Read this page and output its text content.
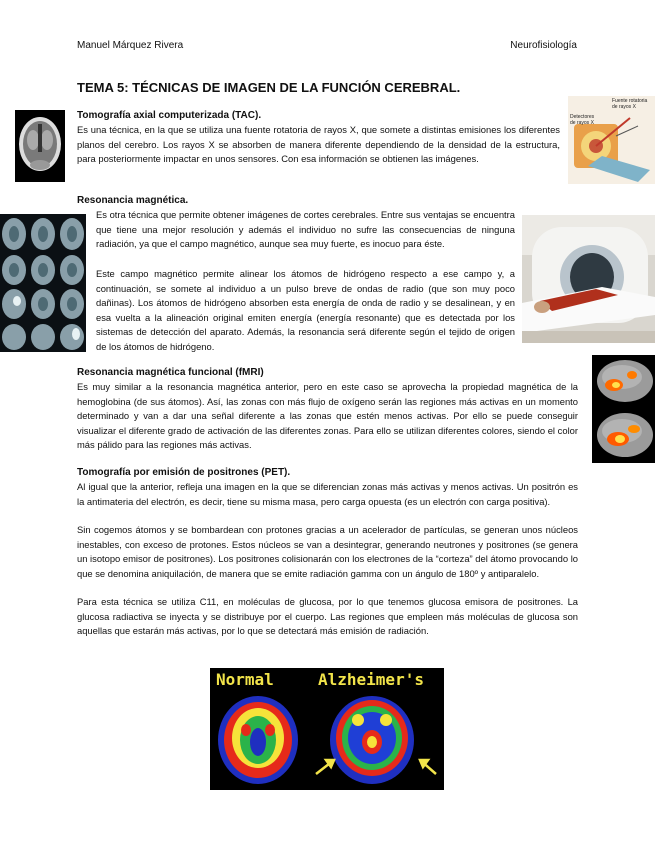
Manuel Márquez Rivera	Neurofisiología
TEMA 5: TÉCNICAS DE IMAGEN DE LA FUNCIÓN CEREBRAL.
Fuente rotatoria de rayos X
Detectores de rayos X
Tomografía axial computerizada (TAC).

Es una técnica, en la que se utiliza una fuente rotatoria de rayos X, que somete a distintas emisiones los diferentes planos del cerebro. Los rayos X se absorben de manera diferente dependiendo de la densidad de la estructura, para posteriormente impactar en unos sensores. Con esa información se obtienen las imágenes.

Resonancia magnética.

Es otra técnica que permite obtener imágenes de cortes cerebrales. Entre sus ventajas se encuentra que tiene una mejor resolución y además el individuo no sufre las consecuencias de ninguna radiación, ya que el campo magnético, aunque sea muy fuerte, es inocuo para éste.

Este campo magnético permite alinear los átomos de hidrógeno respecto a ese campo y, a continuación, se somete al individuo a un pulso breve de ondas de radio (que son muy poco dañinas). Los átomos de hidrógeno absorben esta energía de onda de radio y se desalinean, y en esa vuelta a la alineación original emiten energía (energía resonante) que es detectada por los sistemas de detección del aparato. Además, la resonancia será diferente según el tejido de origen de los átomos de hidrógeno.

Resonancia magnética funcional (fMRI)

Es muy similar a la resonancia magnética anterior, pero en este caso se aprovecha la propiedad magnética de la hemoglobina (de sus átomos). Así, las zonas con más flujo de oxígeno serán las regiones más activas en un momento determinado y van a dar una señal diferente a las zonas que estén menos activas. Por ello se puede conseguir visualizar el diferente grado de activación de las diferentes zonas. Para ello se utilizan diferentes colores, siendo el color más pálido para las regiones más activas.

Tomografía por emisión de positrones (PET).

Al igual que la anterior, refleja una imagen en la que se diferencian zonas más activas y menos activas. Un positrón es la antimateria del electrón, es decir, tiene su misma masa, pero carga opuesta (es un electrón con carga positiva).

Sin cogemos átomos y se bombardean con protones gracias a un acelerador de partículas, se generan unos núcleos inestables, con exceso de protones. Estos núcleos se van a desintegrar, generando neutrones y positrones (se genera un isotopo emisor de positrones). Los positrones colisionarán con los electrones de la “corteza” del átomo provocando lo que se denomina aniquilación, de manera que se emite radiación gamma con un ángulo de 180º y antiparalelo.

Para esta técnica se utiliza C11, en moléculas de glucosa, por lo que tenemos glucosa emisora de positrones. La glucosa radiactiva se inyecta y se distribuye por el cuerpo. Las regiones que empleen más moléculas de glucosa son aquellas que estarán más activas, por lo que se detectará más emisión de radiación.

Normal	Alzheimer's
